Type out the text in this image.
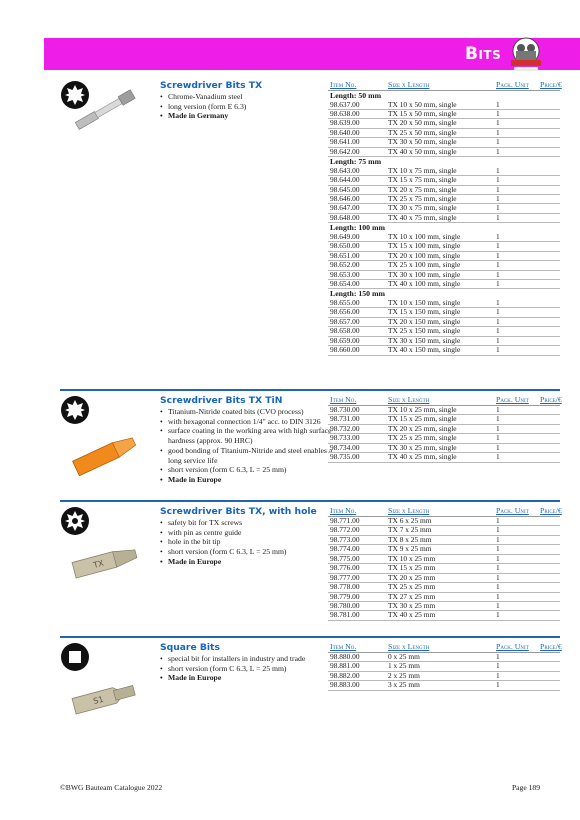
Bits
Screwdriver Bits TX
• Chrome-Vanadium steel
• long version (form E 6.3)
• Made in Germany
Item No.	Size x Length	Pack. Unit Price/€
Length: 50 mm
98.637.00	TX 10 x 50 mm, single	1
98.638.00	TX 15 x 50 mm, single	1
98.639.00	TX 20 x 50 mm, single	1
98.640.00	TX 25 x 50 mm, single	1
98.641.00	TX 30 x 50 mm, single	1
98.642.00	TX 40 x 50 mm, single	1
Length: 75 mm
98.643.00	TX 10 x 75 mm, single	1
98.644.00	TX 15 x 75 mm, single	1
98.645.00	TX 20 x 75 mm, single	1
98.646.00	TX 25 x 75 mm, single	1
98.647.00	TX 30 x 75 mm, single	1
98.648.00	TX 40 x 75 mm, single	1
Length: 100 mm
98.649.00	TX 10 x 100 mm, single	1
98.650.00	TX 15 x 100 mm, single	1
98.651.00	TX 20 x 100 mm, single	1
98.652.00	TX 25 x 100 mm, single	1
98.653.00	TX 30 x 100 mm, single	1
98.654.00	TX 40 x 100 mm, single	1
Length: 150 mm
98.655.00	TX 10 x 150 mm, single	1
98.656.00	TX 15 x 150 mm, single	1
98.657.00	TX 20 x 150 mm, single	1
98.658.00	TX 25 x 150 mm, single	1
98.659.00	TX 30 x 150 mm, single	1
98.660.00	TX 40 x 150 mm, single	1
Screwdriver Bits TX TiN
• Titanium-Nitride coated bits (CVO process)
• with hexagonal connection 1/4" acc. to DIN 3126
• surface coating in the working area with high surface hardness (approx. 90 HRC)
• good bonding of Titanium-Nitride and steel enables a long service life
• short version (form C 6.3, L = 25 mm)
• Made in Europe
Item No.	Size x Length	Pack. Unit Price/€
98.730.00	TX 10 x 25 mm, single	1
98.731.00	TX 15 x 25 mm, single	1
98.732.00	TX 20 x 25 mm, single	1
98.733.00	TX 25 x 25 mm, single	1
98.734.00	TX 30 x 25 mm, single	1
98.735.00	TX 40 x 25 mm, single	1
TX
Screwdriver Bits TX, with hole
• safety bit for TX screws
• with pin as centre guide
• hole in the bit tip
• short version (form C 6.3, L = 25 mm)
• Made in Europe
Item No.	Size x Length	Pack. Unit Price/€
98.771.00	TX 6 x 25 mm	1
98.772.00	TX 7 x 25 mm	1
98.773.00	TX 8 x 25 mm	1
98.774.00	TX 9 x 25 mm	1
98.775.00	TX 10 x 25 mm	1
98.776.00	TX 15 x 25 mm	1
98.777.00	TX 20 x 25 mm	1
98.778.00	TX 25 x 25 mm	1
98.779.00	TX 27 x 25 mm	1
98.780.00	TX 30 x 25 mm	1
98.781.00	TX 40 x 25 mm	1
S1
Square Bits
• special bit for installers in industry and trade
• short version (form C 6.3, L = 25 mm)
• Made in Europe
Item No.	Size x Length	Pack. Unit Price/€
98.880.00	0 x 25 mm	1
98.881.00	1 x 25 mm	1
98.882.00	2 x 25 mm	1
98.883.00	3 x 25 mm	1
©BWG Bauteam Catalogue 2022	Page 189
